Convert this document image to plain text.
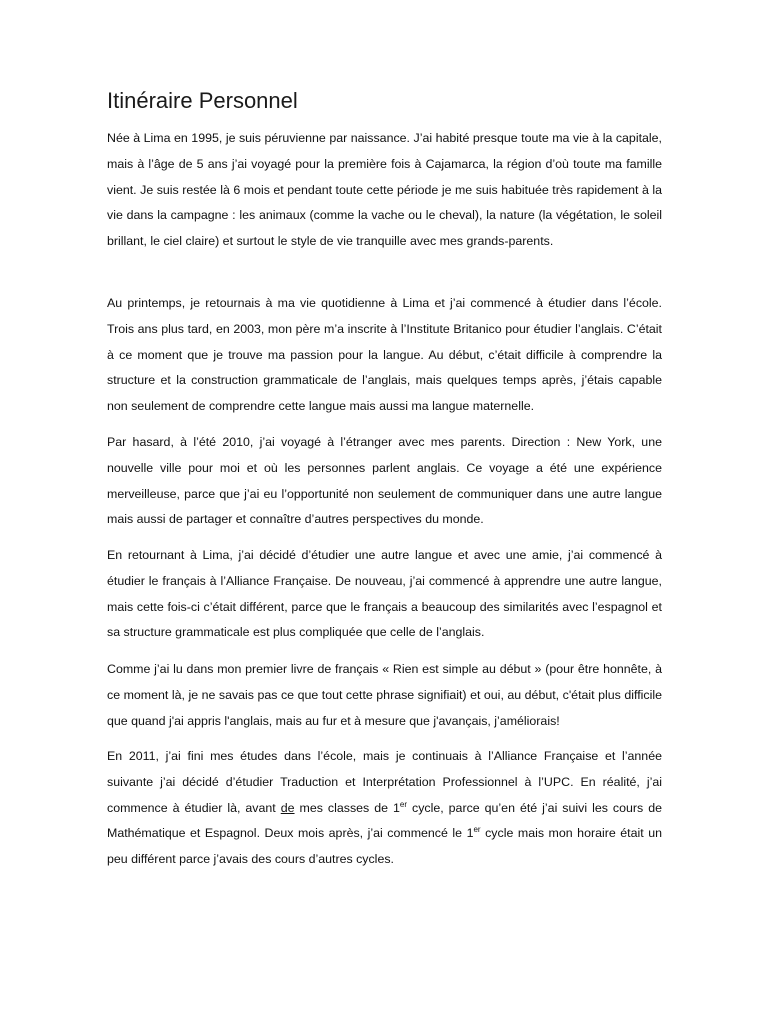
Itinéraire Personnel

Née à Lima en 1995, je suis péruvienne par naissance. J’ai habité presque toute ma vie à la capitale, mais à l’âge de 5 ans j’ai voyagé pour la première fois à Cajamarca, la région d’où toute ma famille vient. Je suis restée là 6 mois et pendant toute cette période je me suis habituée très rapidement à la vie dans la campagne : les animaux (comme la vache ou le cheval), la nature (la végétation, le soleil brillant, le ciel claire) et surtout le style de vie tranquille avec mes grands-parents.

Au printemps, je retournais à ma vie quotidienne à Lima et j’ai commencé à étudier dans l’école. Trois ans plus tard, en 2003, mon père m’a inscrite à l’Institute Britanico pour étudier l’anglais. C’était à ce moment que je trouve ma passion pour la langue. Au début, c’était difficile à comprendre la structure et la construction grammaticale de l’anglais, mais quelques temps après, j’étais capable non seulement de comprendre cette langue mais aussi ma langue maternelle.

Par hasard, à l’été 2010, j’ai voyagé à l’étranger avec mes parents. Direction : New York, une nouvelle ville pour moi et où les personnes parlent anglais. Ce voyage a été une expérience merveilleuse, parce que j’ai eu l’opportunité non seulement de communiquer dans une autre langue mais aussi de partager et connaître d’autres perspectives du monde.

En retournant à Lima, j’ai décidé d’étudier une autre langue et avec une amie, j’ai commencé à étudier le français à l’Alliance Française. De nouveau, j’ai commencé à apprendre une autre langue, mais cette fois-ci c’était différent, parce que le français a beaucoup des similarités avec l’espagnol et sa structure grammaticale est plus compliquée que celle de l’anglais.

Comme j’ai lu dans mon premier livre de français « Rien est simple au début » (pour être honnête, à ce moment là, je ne savais pas ce que tout cette phrase signifiait) et oui, au début, c'était plus difficile que quand j'ai appris l'anglais, mais au fur et à mesure que j'avançais, j’améliorais!

En 2011, j’ai fini mes études dans l’école, mais je continuais à l’Alliance Française et l’année suivante j’ai décidé d’étudier Traduction et Interprétation Professionnel à l’UPC. En réalité, j’ai commence à étudier là, avant de mes classes de 1er cycle, parce qu’en été j’ai suivi les cours de Mathématique et Espagnol. Deux mois après, j’ai commencé le 1er cycle mais mon horaire était un peu différent parce j’avais des cours d’autres cycles.
